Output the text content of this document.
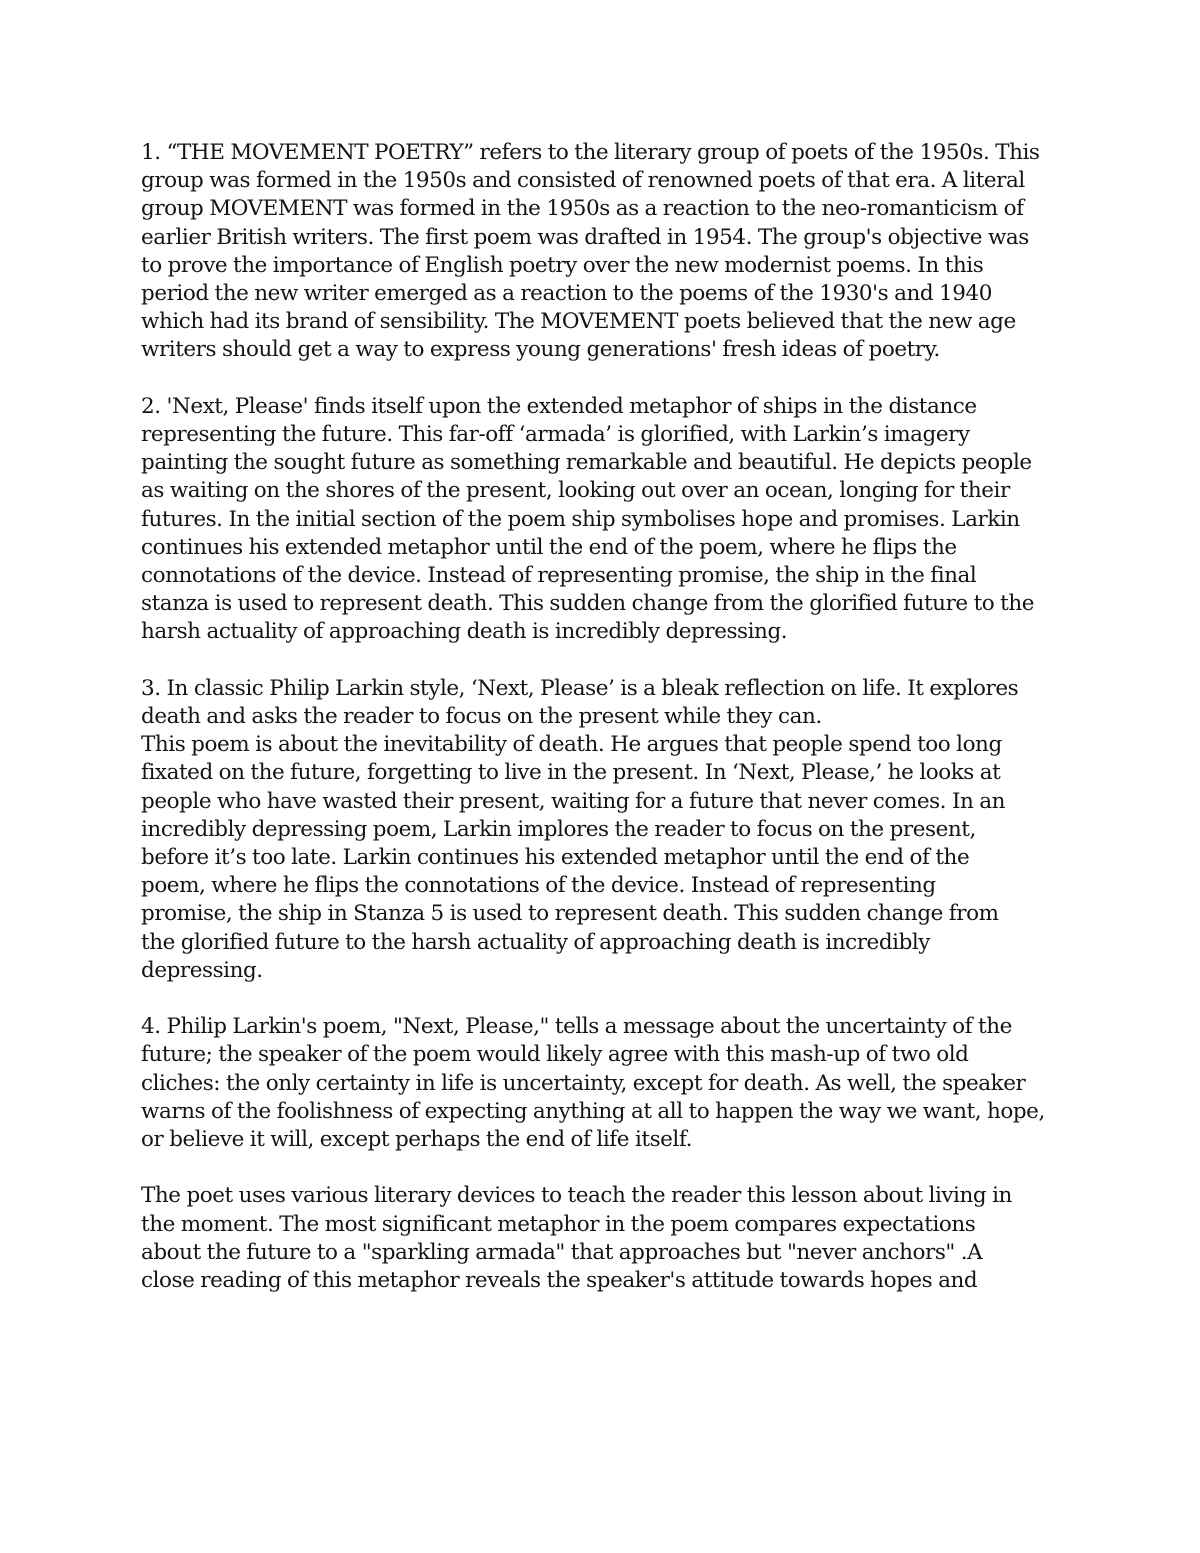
1. “THE MOVEMENT POETRY” refers to the literary group of poets of the 1950s. This
group was formed in the 1950s and consisted of renowned poets of that era. A literal
group MOVEMENT was formed in the 1950s as a reaction to the neo-romanticism of
earlier British writers. The first poem was drafted in 1954. The group's objective was
to prove the importance of English poetry over the new modernist poems. In this
period the new writer emerged as a reaction to the poems of the 1930's and 1940
which had its brand of sensibility. The MOVEMENT poets believed that the new age
writers should get a way to express young generations' fresh ideas of poetry.
2. 'Next, Please' finds itself upon the extended metaphor of ships in the distance
representing the future. This far-off ‘armada’ is glorified, with Larkin’s imagery
painting the sought future as something remarkable and beautiful. He depicts people
as waiting on the shores of the present, looking out over an ocean, longing for their
futures. In the initial section of the poem ship symbolises hope and promises. Larkin
continues his extended metaphor until the end of the poem, where he flips the
connotations of the device. Instead of representing promise, the ship in the final
stanza is used to represent death. This sudden change from the glorified future to the
harsh actuality of approaching death is incredibly depressing.
3. In classic Philip Larkin style, ‘Next, Please’ is a bleak reflection on life. It explores
death and asks the reader to focus on the present while they can.
This poem is about the inevitability of death. He argues that people spend too long
fixated on the future, forgetting to live in the present. In ‘Next, Please,’ he looks at
people who have wasted their present, waiting for a future that never comes. In an
incredibly depressing poem, Larkin implores the reader to focus on the present,
before it’s too late. Larkin continues his extended metaphor until the end of the
poem, where he flips the connotations of the device. Instead of representing
promise, the ship in Stanza 5 is used to represent death. This sudden change from
the glorified future to the harsh actuality of approaching death is incredibly
depressing.
4. Philip Larkin's poem, "Next, Please," tells a message about the uncertainty of the
future; the speaker of the poem would likely agree with this mash-up of two old
cliches: the only certainty in life is uncertainty, except for death. As well, the speaker
warns of the foolishness of expecting anything at all to happen the way we want, hope,
or believe it will, except perhaps the end of life itself.
The poet uses various literary devices to teach the reader this lesson about living in
the moment. The most significant metaphor in the poem compares expectations
about the future to a "sparkling armada" that approaches but "never anchors" .A
close reading of this metaphor reveals the speaker's attitude towards hopes and
